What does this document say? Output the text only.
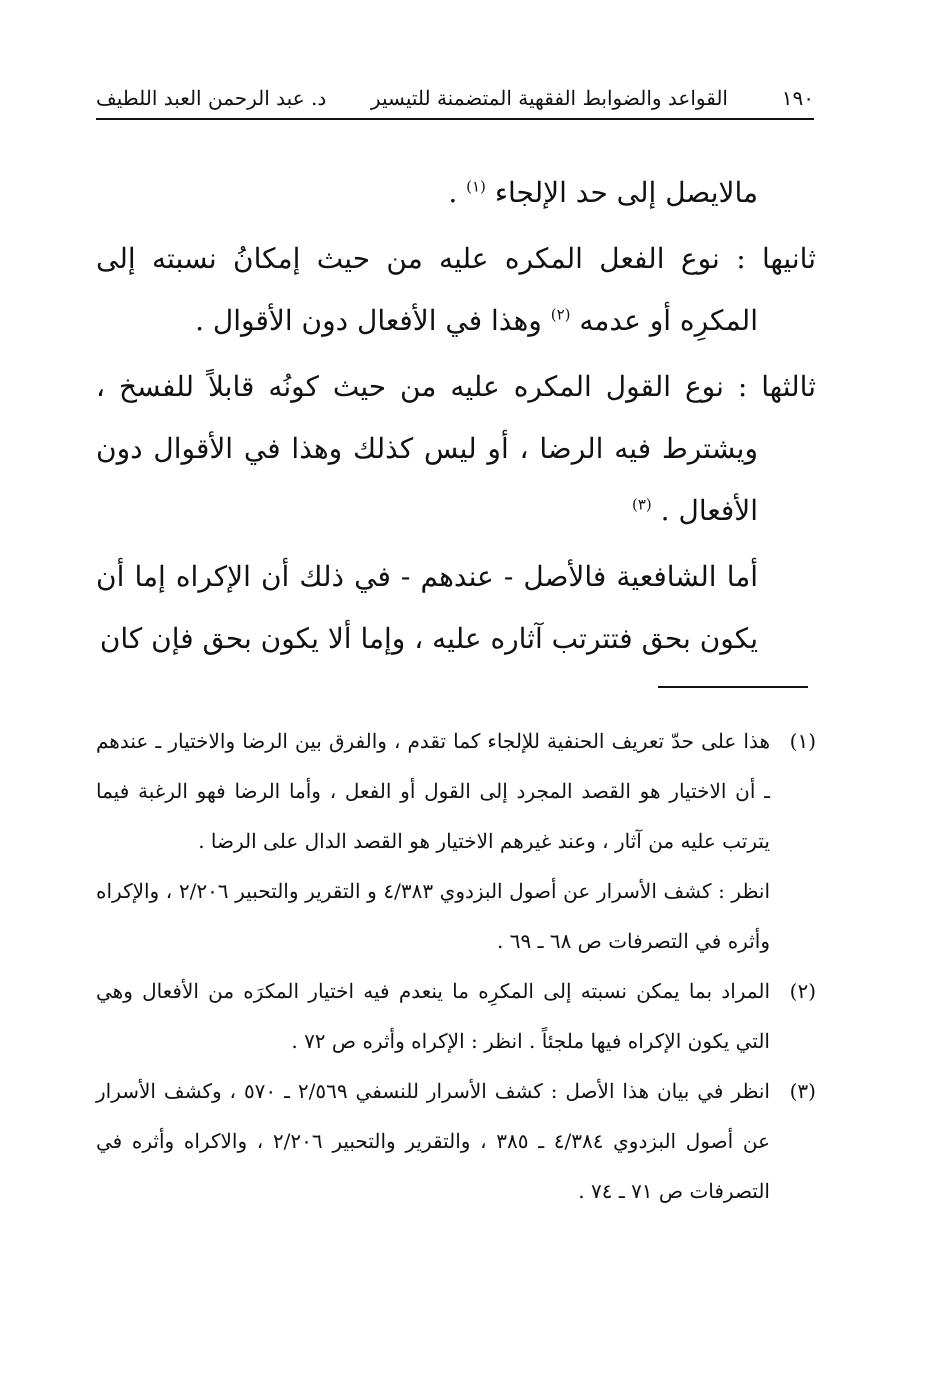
١٩٠
القواعد والضوابط الفقهية المتضمنة للتيسير
د. عبد الرحمن العبد اللطيف

مالايصل إلى حد الإلجاء $^{(١)}$ .

ثانيها : نوع الفعل المكره عليه من حيث إمكانُ نسبته إلى المكرِه أو عدمه $^{(٢)}$ وهذا في الأفعال دون الأقوال .

ثالثها : نوع القول المكره عليه من حيث كونُه قابلاً للفسخ ، ويشترط فيه الرضا ، أو ليس كذلك وهذا في الأقوال دون الأفعال . $^{(٣)}$

أما الشافعية فالأصل - عندهم - في ذلك أن الإكراه إما أن يكون بحق فتترتب آثاره عليه ، وإما ألا يكون بحق فإن كان

(١)هذا على حدّ تعريف الحنفية للإلجاء كما تقدم ، والفرق بين الرضا والاختيار ـ عندهم ـ أن الاختيار هو القصد المجرد إلى القول أو الفعل ، وأما الرضا فهو الرغبة فيما يترتب عليه من آثار ، وعند غيرهم الاختيار هو القصد الدال على الرضا .

انظر : كشف الأسرار عن أصول البزدوي ٤/٣٨٣ و التقرير والتحبير ٢/٢٠٦ ، والإكراه وأثره في التصرفات ص ٦٨ ـ ٦٩ .

(٢)المراد بما يمكن نسبته إلى المكرِه ما ينعدم فيه اختيار المكرَه من الأفعال وهي التي يكون الإكراه فيها ملجئاً . انظر : الإكراه وأثره ص ٧٢ .

(٣)انظر في بيان هذا الأصل : كشف الأسرار للنسفي ٢/٥٦٩ ـ ٥٧٠ ، وكشف الأسرار عن أصول البزدوي ٤/٣٨٤ ـ ٣٨٥ ، والتقرير والتحبير ٢/٢٠٦ ، والاكراه وأثره في التصرفات ص ٧١ ـ ٧٤ .
